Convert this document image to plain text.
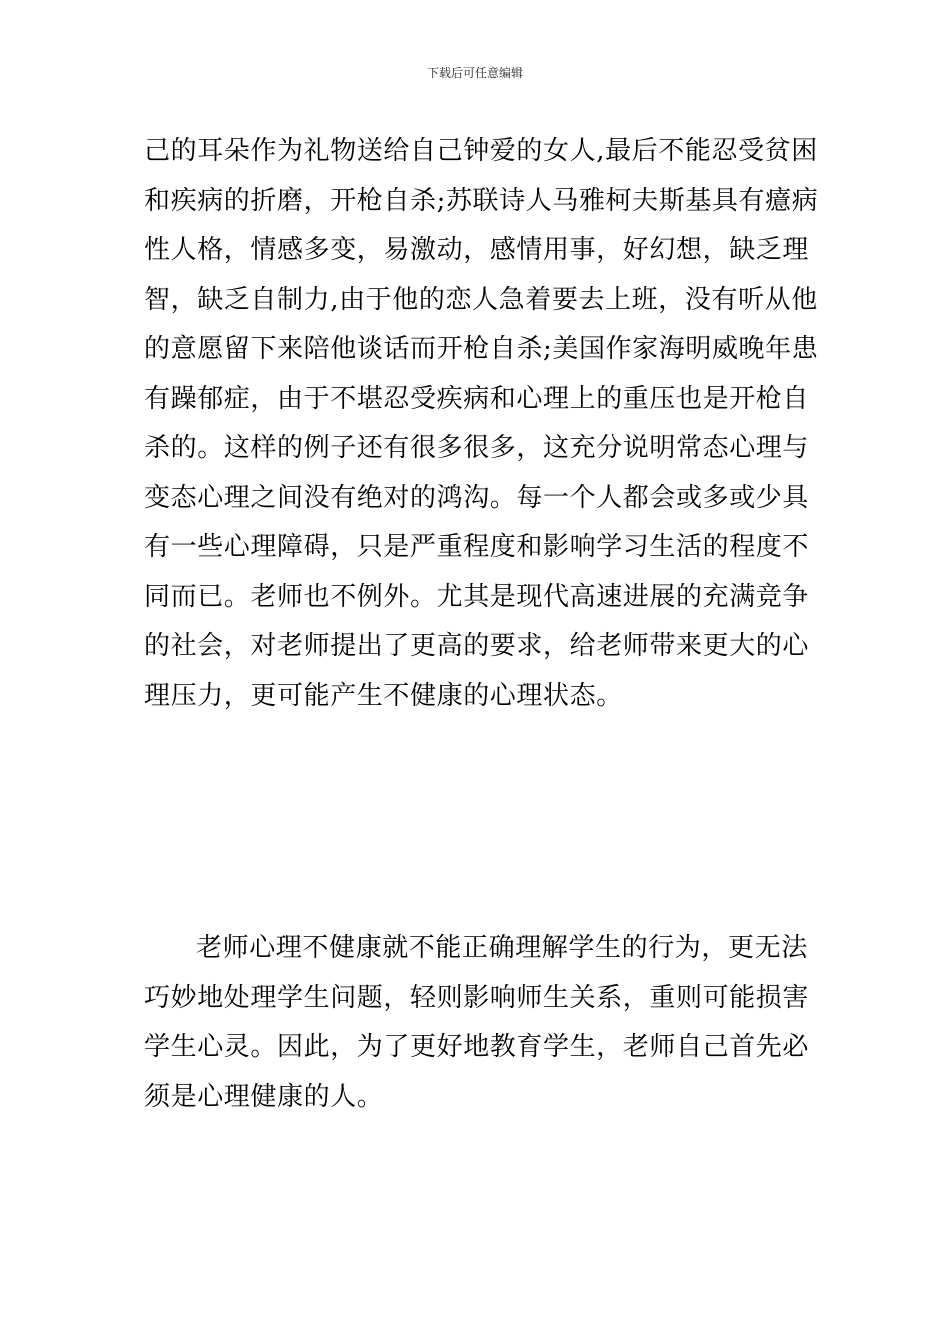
下载后可任意编辑
己的耳朵作为礼物送给自己钟爱的女人,最后不能忍受贫困
和疾病的折磨，开枪自杀;苏联诗人马雅柯夫斯基具有癔病
性人格，情感多变，易激动，感情用事，好幻想，缺乏理
智，缺乏自制力,由于他的恋人急着要去上班，没有听从他
的意愿留下来陪他谈话而开枪自杀;美国作家海明威晚年患
有躁郁症，由于不堪忍受疾病和心理上的重压也是开枪自
杀的。这样的例子还有很多很多，这充分说明常态心理与
变态心理之间没有绝对的鸿沟。每一个人都会或多或少具
有一些心理障碍，只是严重程度和影响学习生活的程度不
同而已。老师也不例外。尤其是现代高速进展的充满竞争
的社会，对老师提出了更高的要求，给老师带来更大的心
理压力，更可能产生不健康的心理状态。
老师心理不健康就不能正确理解学生的行为，更无法
巧妙地处理学生问题，轻则影响师生关系，重则可能损害
学生心灵。因此，为了更好地教育学生，老师自己首先必
须是心理健康的人。
